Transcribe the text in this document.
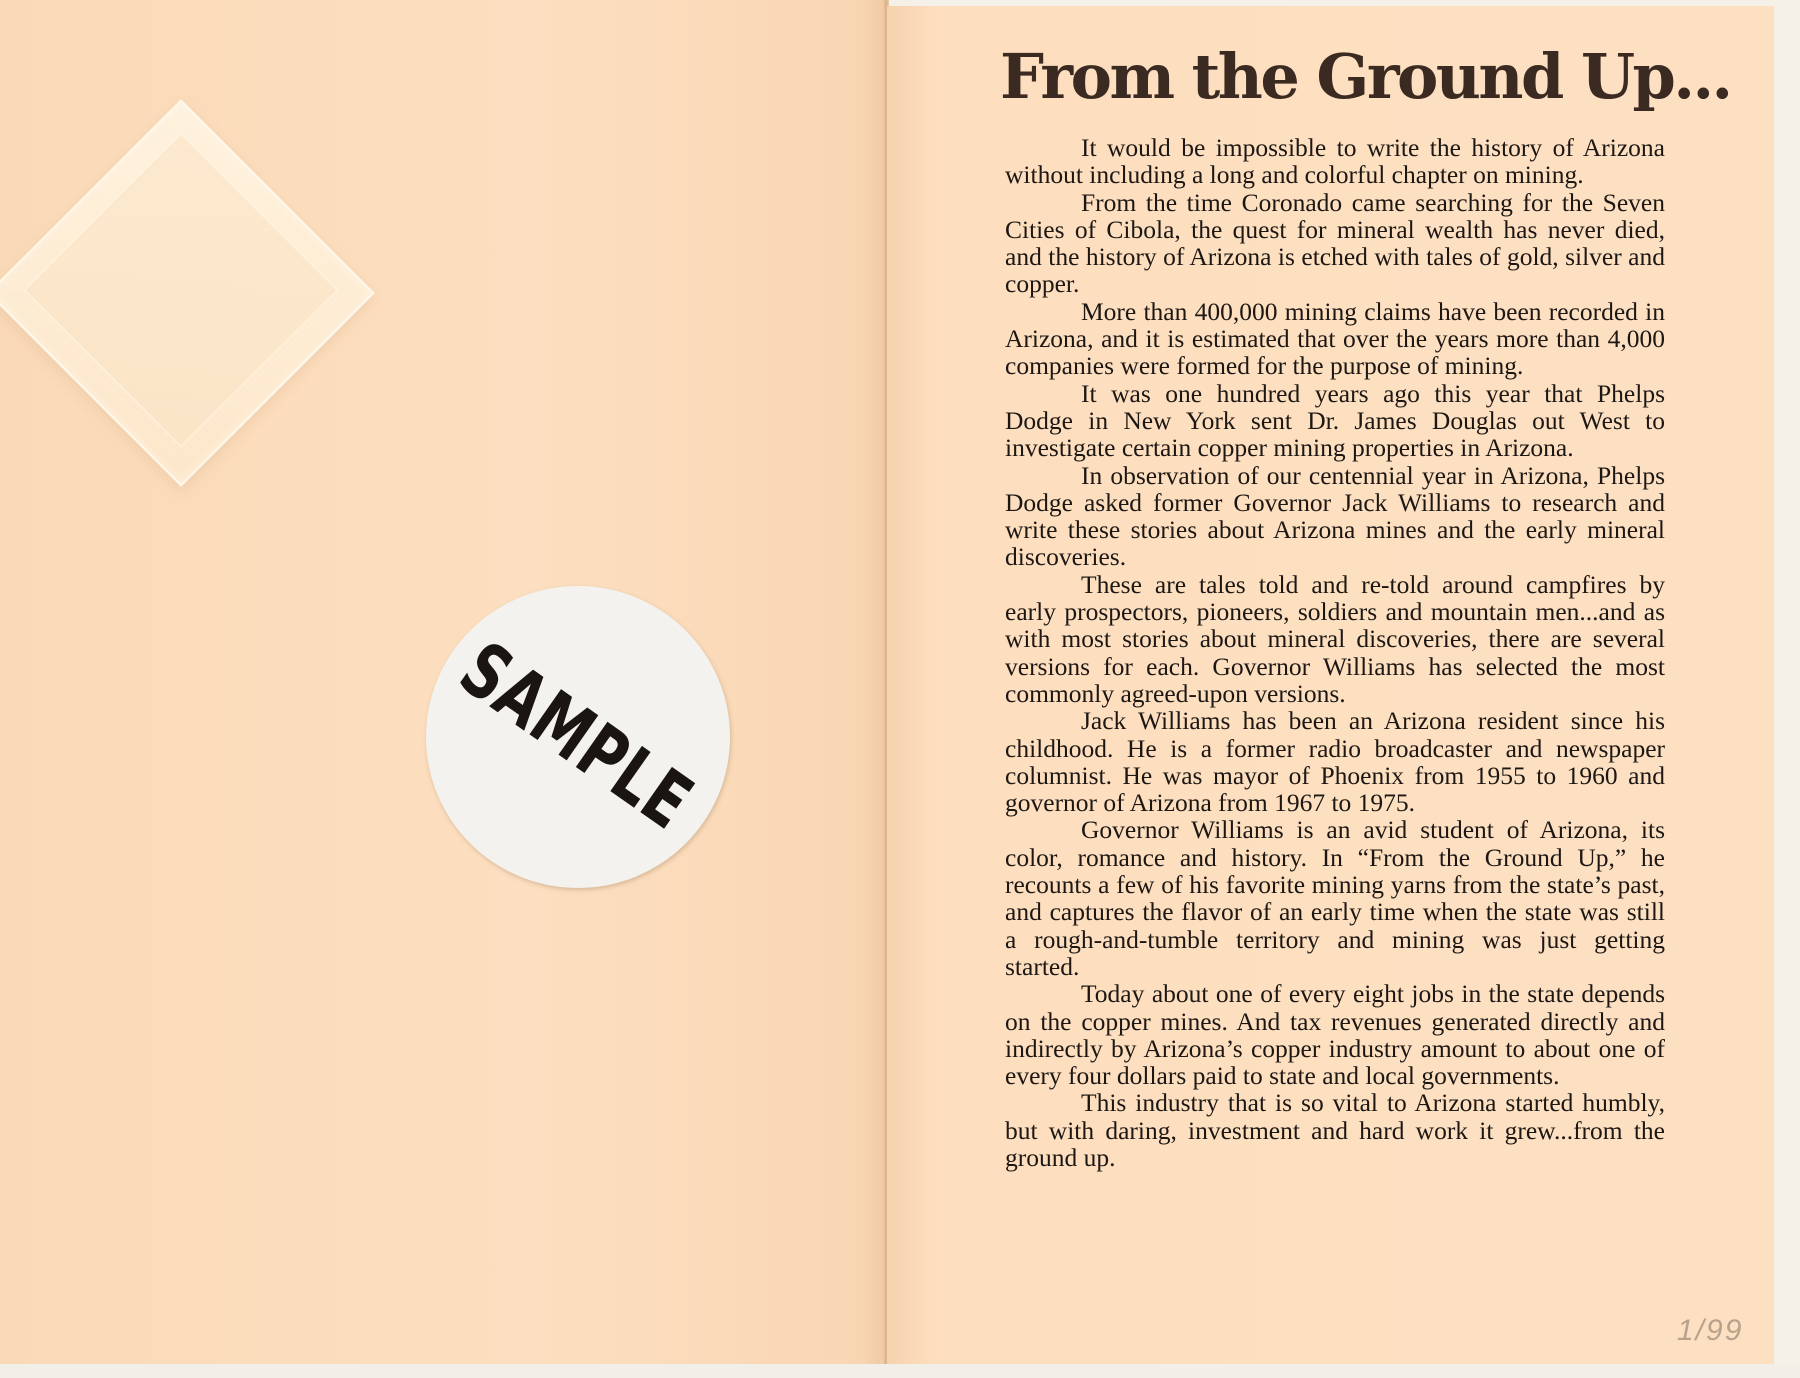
SAMPLE
From the Ground Up...

It would be impossible to write the history of Arizona without including a long and colorful chapter on mining.

From the time Coronado came searching for the Seven Cities of Cibola, the quest for mineral wealth has never died, and the history of Arizona is etched with tales of gold, silver and copper.

More than 400,000 mining claims have been recorded in Arizona, and it is estimated that over the years more than 4,000 companies were formed for the purpose of mining.

It was one hundred years ago this year that Phelps Dodge in New York sent Dr. James Douglas out West to investigate certain copper mining properties in Arizona.

In observation of our centennial year in Arizona, Phelps Dodge asked former Governor Jack Williams to research and write these stories about Arizona mines and the early mineral discoveries.

These are tales told and re-told around campfires by early prospectors, pioneers, soldiers and mountain men...and as with most stories about mineral discoveries, there are several versions for each. Governor Williams has selected the most commonly agreed-upon versions.

Jack Williams has been an Arizona resident since his childhood. He is a former radio broadcaster and newspaper columnist. He was mayor of Phoenix from 1955 to 1960 and governor of Arizona from 1967 to 1975.

Governor Williams is an avid student of Arizona, its color, romance and history. In “From the Ground Up,” he recounts a few of his favorite mining yarns from the state’s past, and captures the flavor of an early time when the state was still a rough-and-tumble territory and mining was just getting started.

Today about one of every eight jobs in the state depends on the copper mines. And tax revenues generated directly and indirectly by Arizona’s copper industry amount to about one of every four dollars paid to state and local governments.

This industry that is so vital to Arizona started humbly, but with daring, investment and hard work it grew...from the ground up.

1/99
